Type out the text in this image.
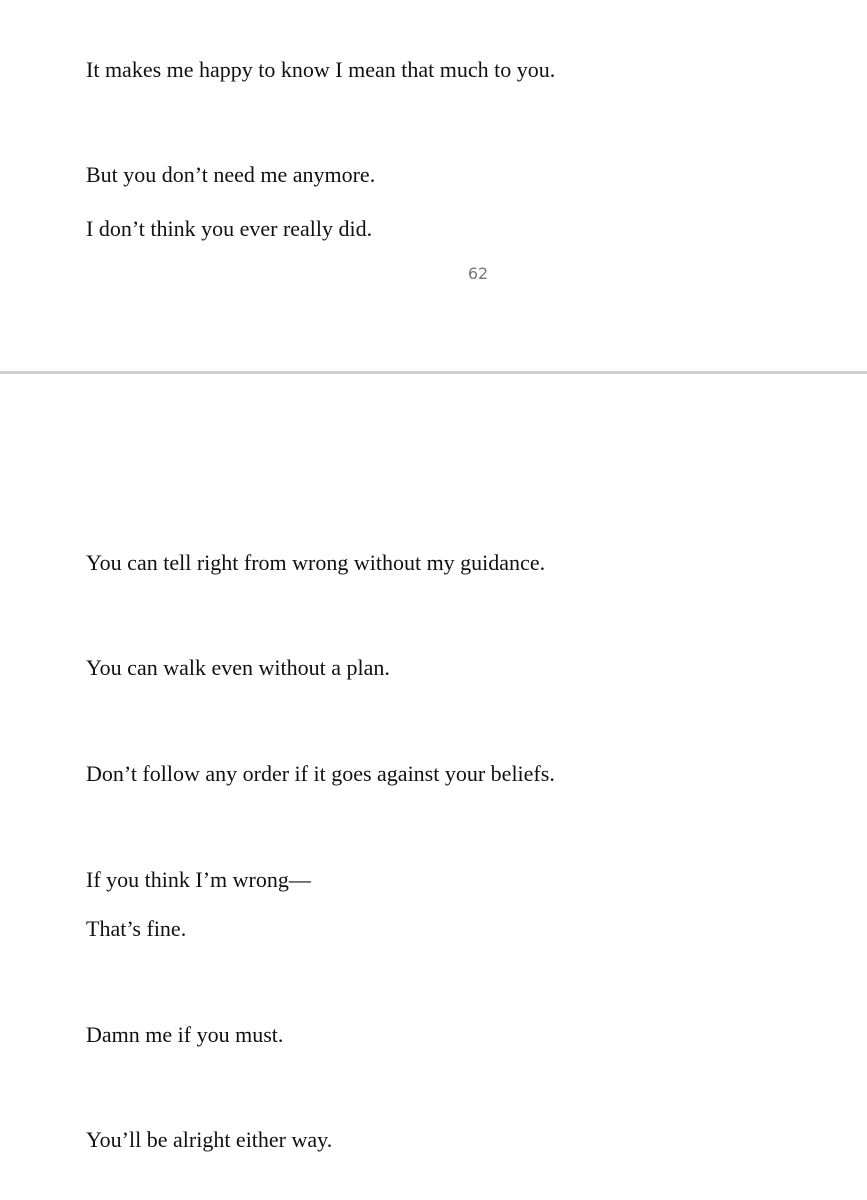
It makes me happy to know I mean that much to you.

But you don’t need me anymore.

I don’t think you ever really did.

62

You can tell right from wrong without my guidance.

You can walk even without a plan.

Don’t follow any order if it goes against your beliefs.

If you think I’m wrong—

That’s fine.

Damn me if you must.

You’ll be alright either way.
